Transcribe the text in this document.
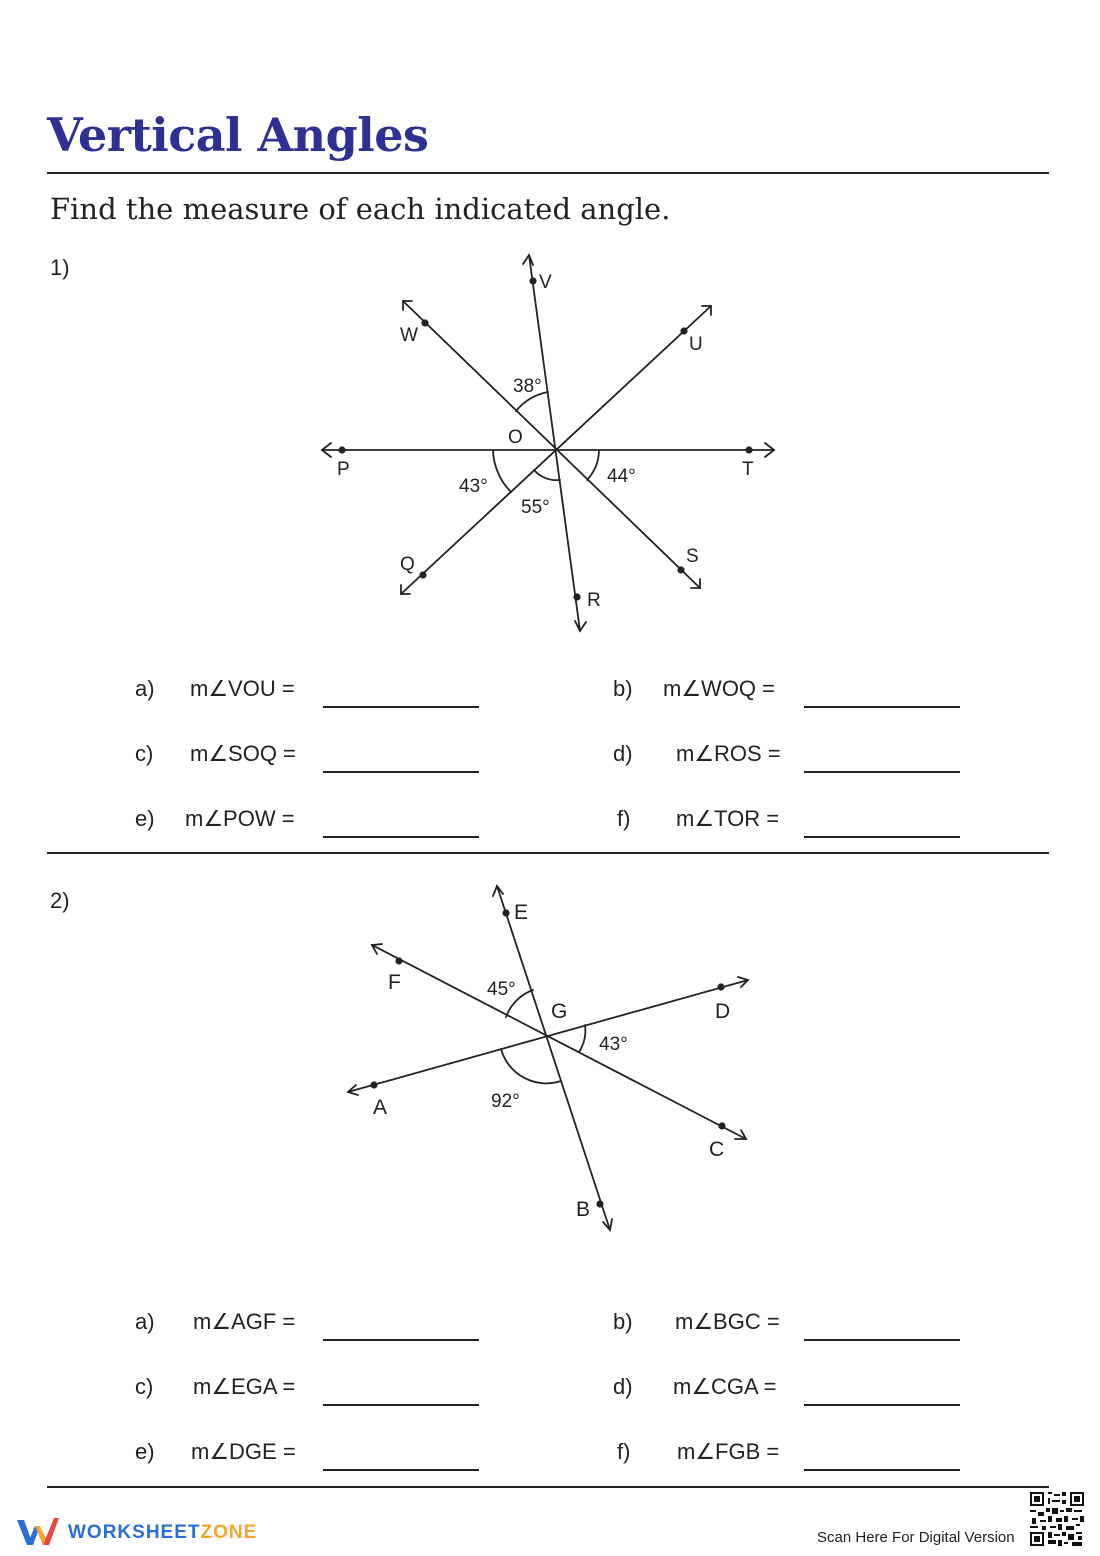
Vertical Angles

Find the measure of each indicated angle.

1)
O
V
W	U
P	T
Q
R
S
38°
43°
55°
44°
a) m∠VOU =	b) m∠WOQ =
c) m∠SOQ =	d) m∠ROS =
e) m∠POW =	f) m∠TOR =
2)
G
E
F
D
A
C
B
45°
43°
92°
a) m∠AGF =	b) m∠BGC =
c) m∠EGA =	d) m∠CGA =
e) m∠DGE =	f) m∠FGB =
WORKSHEETZONE	Scan Here For Digital Version
